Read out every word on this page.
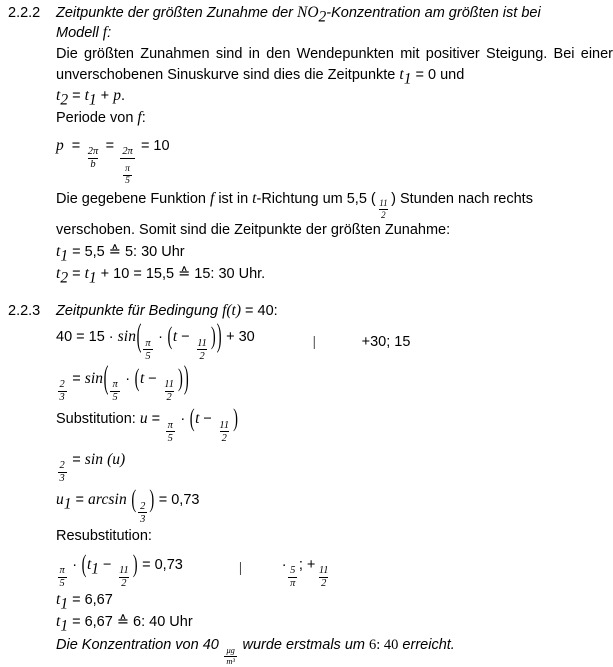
2.2.2	Zeitpunkte der größten Zunahme der $NO_2$-Konzentration am größten ist bei
Modell f:
Die größten Zunahmen sind in den Wendepunkten mit positiver Steigung. Bei einer unverschobenen Sinuskurve sind dies die Zeitpunkte $t_1 = 0$ und
$t_2 = t_1 + p$.
Periode von f:
p =
$\frac{2\pi}{b}$
=
$\frac{2\pi}{\frac{\pi}{5}}$
= 10
Die gegebene Funktion f ist in t-Richtung um 5,5 (
$\frac{11}{2}$
) Stunden nach rechts
verschoben. Somit sind die Zeitpunkte der größten Zunahme:
$t_1 = 5,5$ ≙ 5: 30 Uhr
$t_2 = t_1 + 10 = 15,5$ ≙ 15: 30 Uhr.
2.2.3	Zeitpunkte für Bedingung f(t) = 40:
$40 = 15 \cdot \sin( \frac{\pi}{5}$
· (t −
$\frac{11}{2}$ )) + 30	|	+30; 15
$\frac{2}{3}$
= $\sin( \frac{\pi}{5}$
· (t −
$\frac{11}{2}$ ))
Substitution: u =
$\frac{\pi}{5}$
· (t −
$\frac{11}{2}$ )
$\frac{2}{3}$
= sin (u)
$u_1 = \arcsin$ ( $\frac{2}{3}$ ) = 0,73
Resubstitution:
$\frac{\pi}{5}$
· ($t_1$ −
$\frac{11}{2}$ ) = 0,73	|	·
$\frac{5}{\pi}$
; +
$\frac{11}{2}$
$t_1 = 6,67$
$t_1 = 6,67$ ≙ 6: 40 Uhr
Die Konzentration von 40
$\frac{\mu g}{\text{m³}}$
wurde erstmals um 6: 40 erreicht.
